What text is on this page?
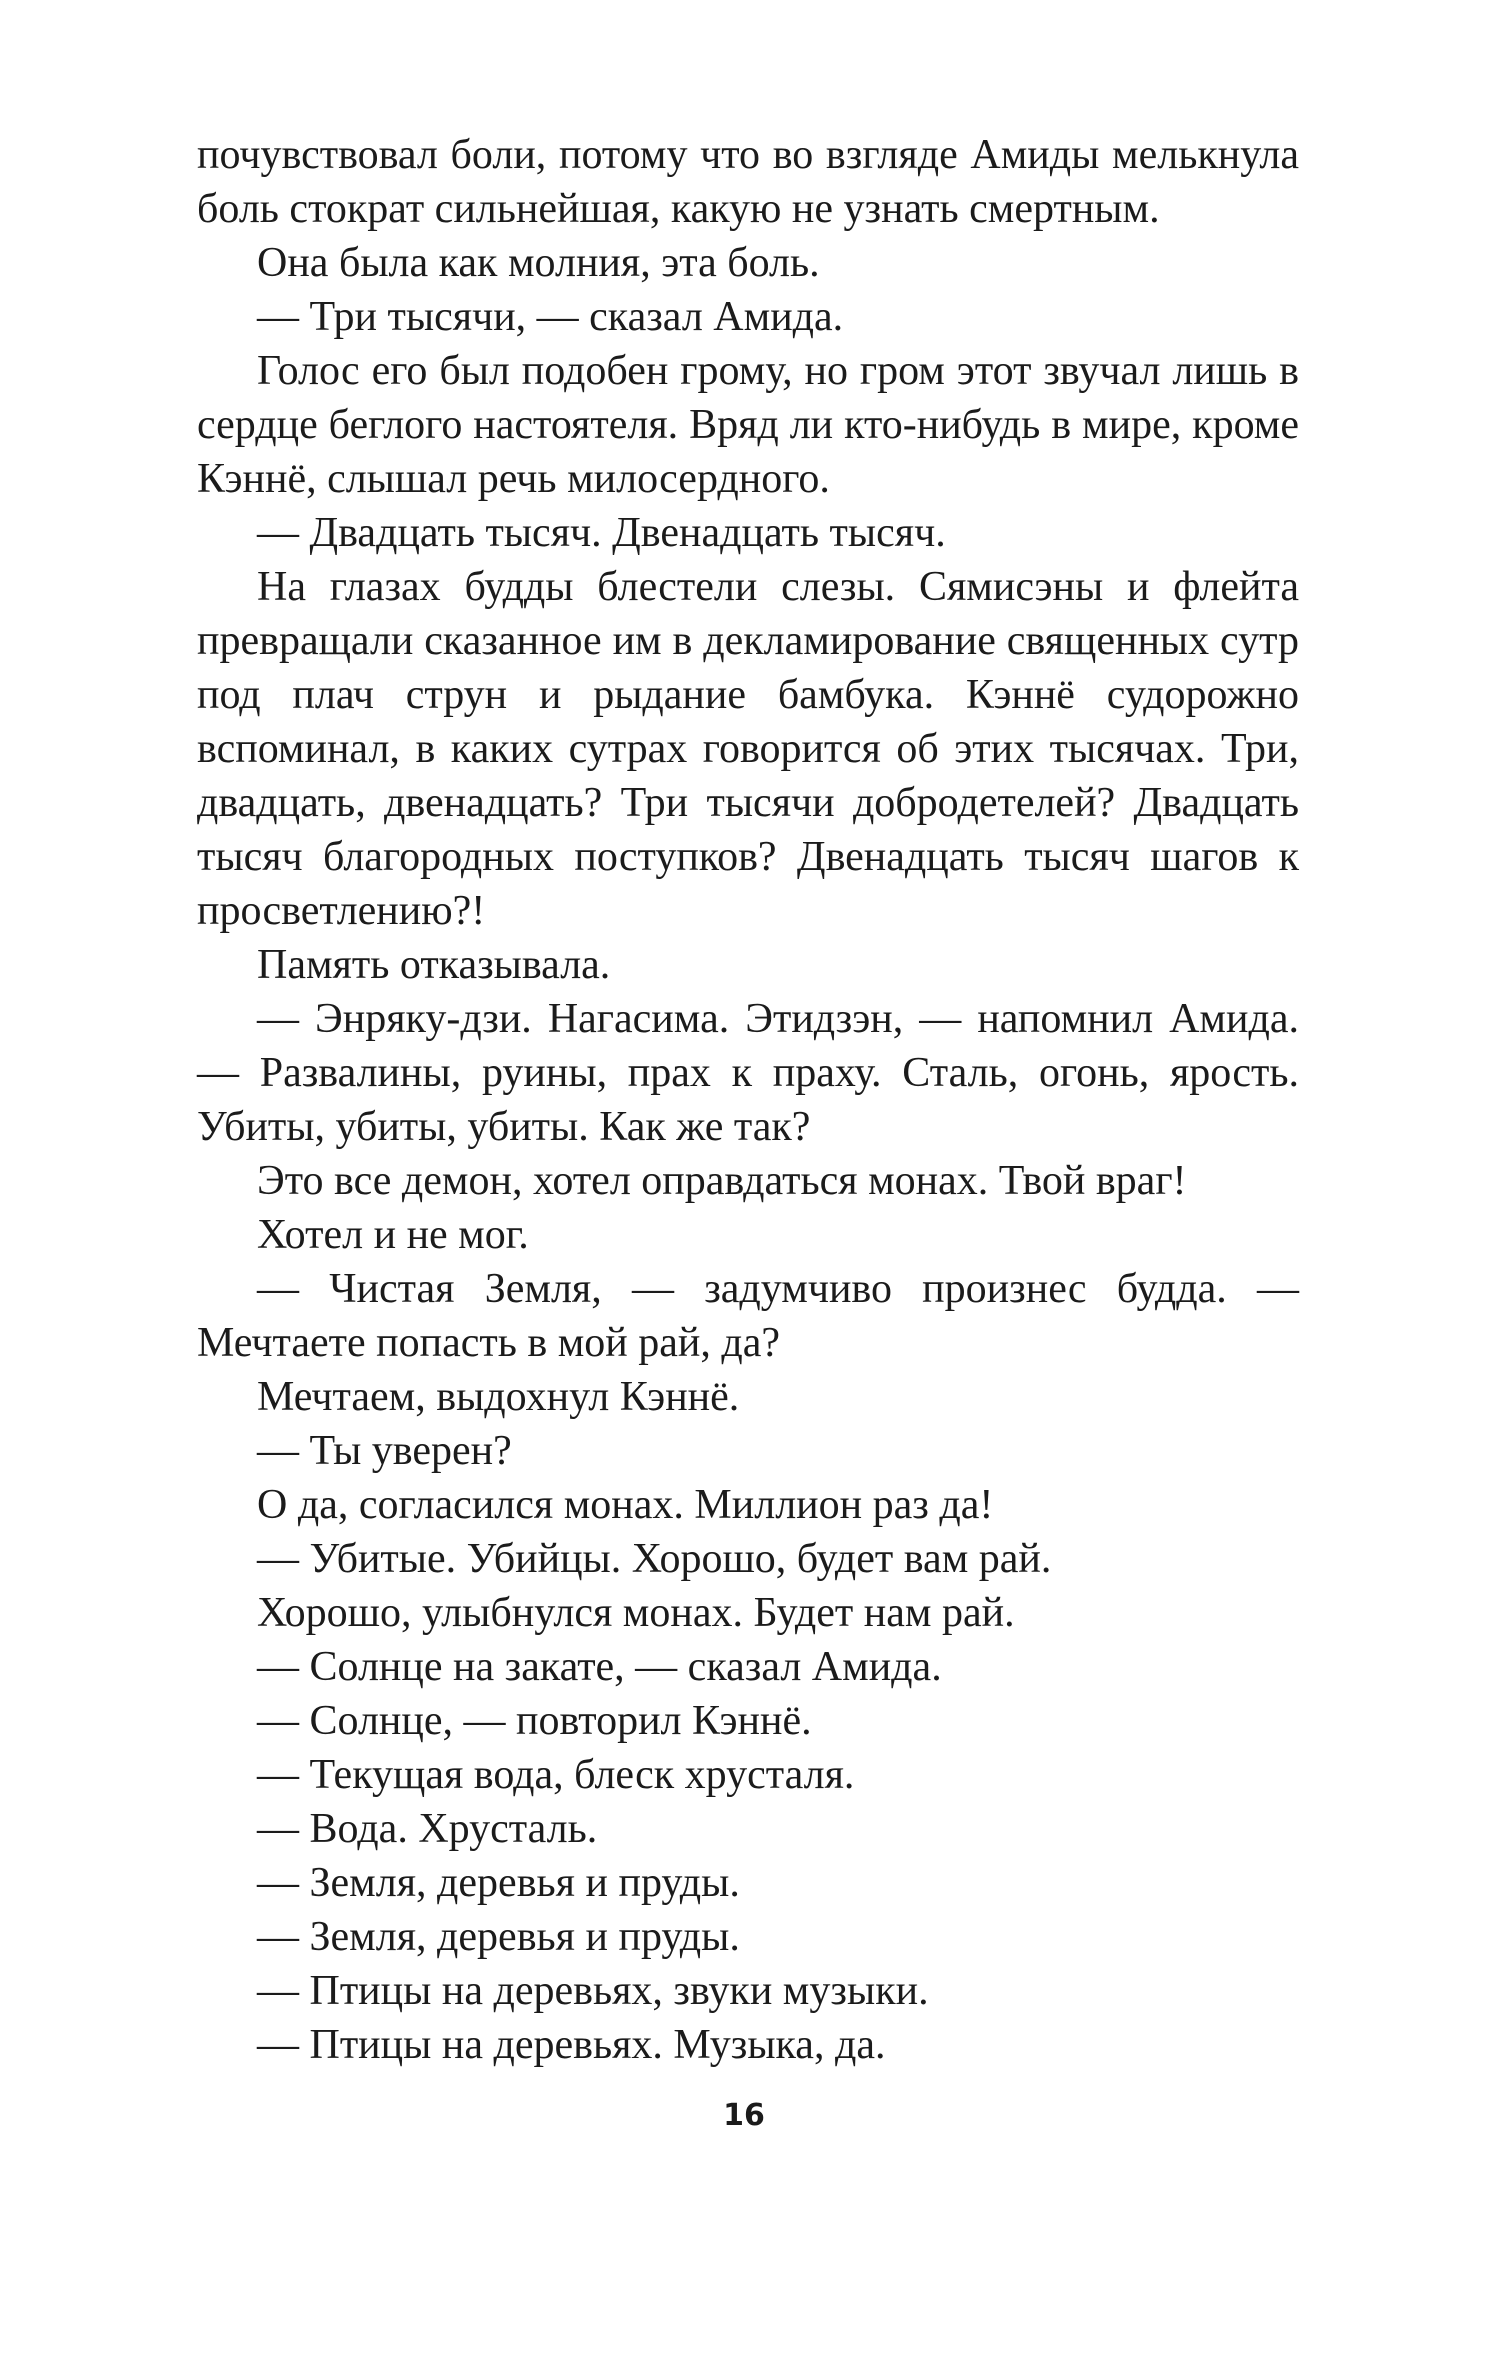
почувствовал боли, потому что во взгляде Амиды мелькнула боль стократ сильнейшая, какую не узнать смертным.

Она была как молния, эта боль.

— Три тысячи, — сказал Амида.

Голос его был подобен грому, но гром этот звучал лишь в сердце беглого настоятеля. Вряд ли кто-нибудь в мире, кроме Кэннё, слышал речь милосердного.

— Двадцать тысяч. Двенадцать тысяч.

На глазах будды блестели слезы. Сямисэны и флейта превращали сказанное им в декламирование священных сутр под плач струн и рыдание бамбука. Кэннё судорожно вспоминал, в каких сутрах говорится об этих тысячах. Три, двадцать, двенадцать? Три тысячи добродетелей? Двадцать тысяч благородных поступков? Двенадцать тысяч шагов к просветлению?!

Память отказывала.

— Энряку-дзи. Нагасима. Этидзэн, — напомнил Амида. — Развалины, руины, прах к праху. Сталь, огонь, ярость. Убиты, убиты, убиты. Как же так?

Это все демон, хотел оправдаться монах. Твой враг!

Хотел и не мог.

— Чистая Земля, — задумчиво произнес будда. — Мечтаете попасть в мой рай, да?

Мечтаем, выдохнул Кэннё.

— Ты уверен?

О да, согласился монах. Миллион раз да!

— Убитые. Убийцы. Хорошо, будет вам рай.

Хорошо, улыбнулся монах. Будет нам рай.

— Солнце на закате, — сказал Амида.

— Солнце, — повторил Кэннё.

— Текущая вода, блеск хрусталя.

— Вода. Хрусталь.

— Земля, деревья и пруды.

— Земля, деревья и пруды.

— Птицы на деревьях, звуки музыки.

— Птицы на деревьях. Музыка, да.

16
